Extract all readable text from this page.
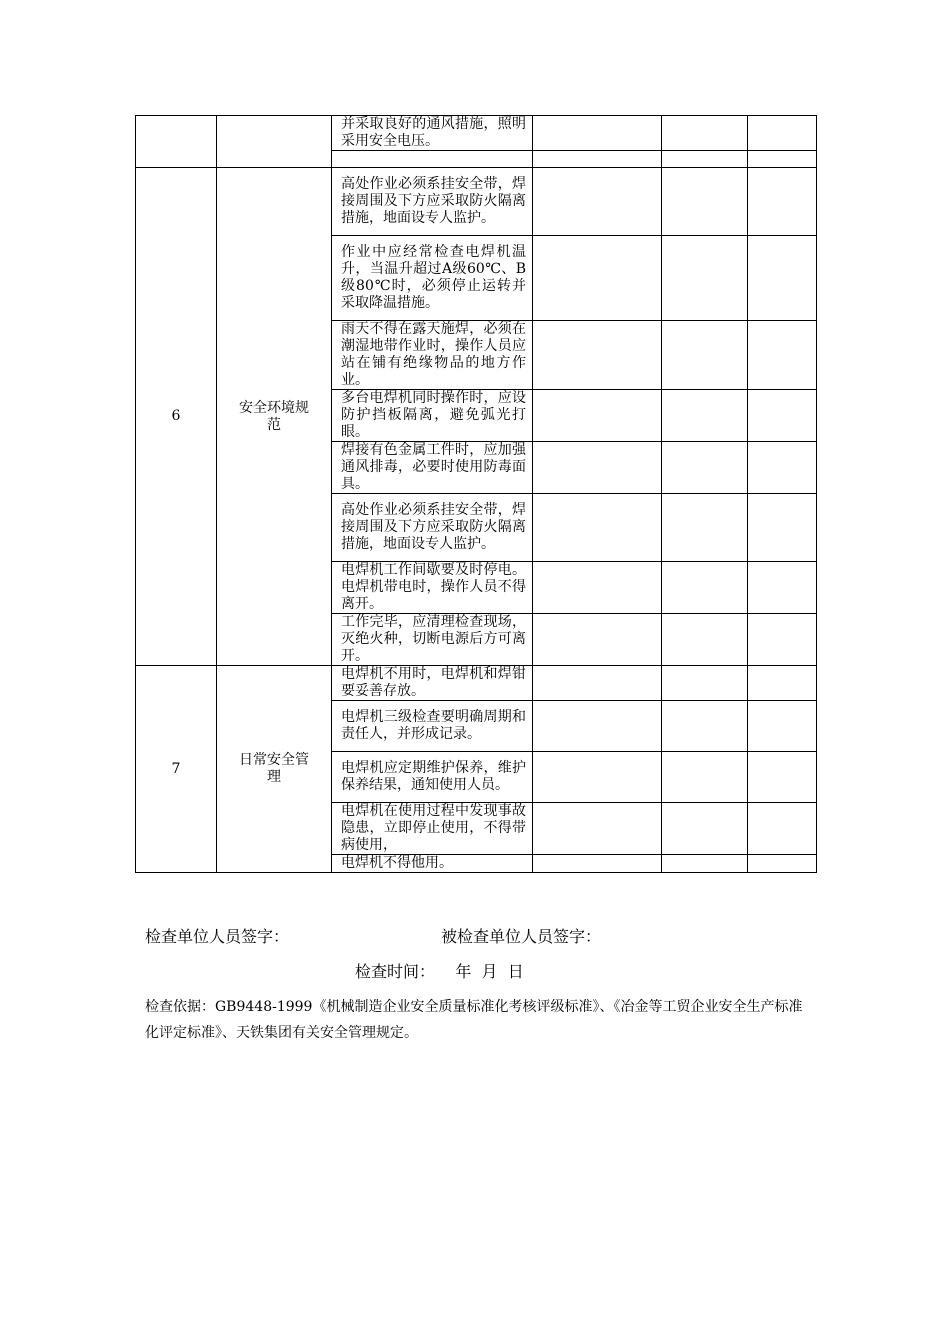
		并采取良好的通风措施，照明采用安全电压。			

6	安全环境规范	高处作业必须系挂安全带，焊接周围及下方应采取防火隔离措施，地面设专人监护。			
		作业中应经常检查电焊机温升，当温升超过A级60℃、B级80℃时，必须停止运转并采取降温措施。			
		雨天不得在露天施焊，必须在潮湿地带作业时，操作人员应站在铺有绝缘物品的地方作业。			
		多台电焊机同时操作时，应设防护挡板隔离，避免弧光打眼。			
		焊接有色金属工件时，应加强通风排毒，必要时使用防毒面具。			
		高处作业必须系挂安全带，焊接周围及下方应采取防火隔离措施，地面设专人监护。			
		电焊机工作间歇要及时停电。电焊机带电时，操作人员不得离开。			
		工作完毕，应清理检查现场，灭绝火种，切断电源后方可离开。			
7	日常安全管理	电焊机不用时，电焊机和焊钳要妥善存放。			
		电焊机三级检查要明确周期和责任人，并形成记录。			
		电焊机应定期维护保养，维护保养结果，通知使用人员。			
		电焊机在使用过程中发现事故隐患，立即停止使用，不得带病使用，			
		电焊机不得他用。			
检查单位人员签字：	被检查单位人员签字：
检查时间： 年  月  日
检查依据：GB9448-1999《机械制造企业安全质量标准化考核评级标准》、《冶金等工贸企业安全生产标准化评定标准》、天铁集团有关安全管理规定。
